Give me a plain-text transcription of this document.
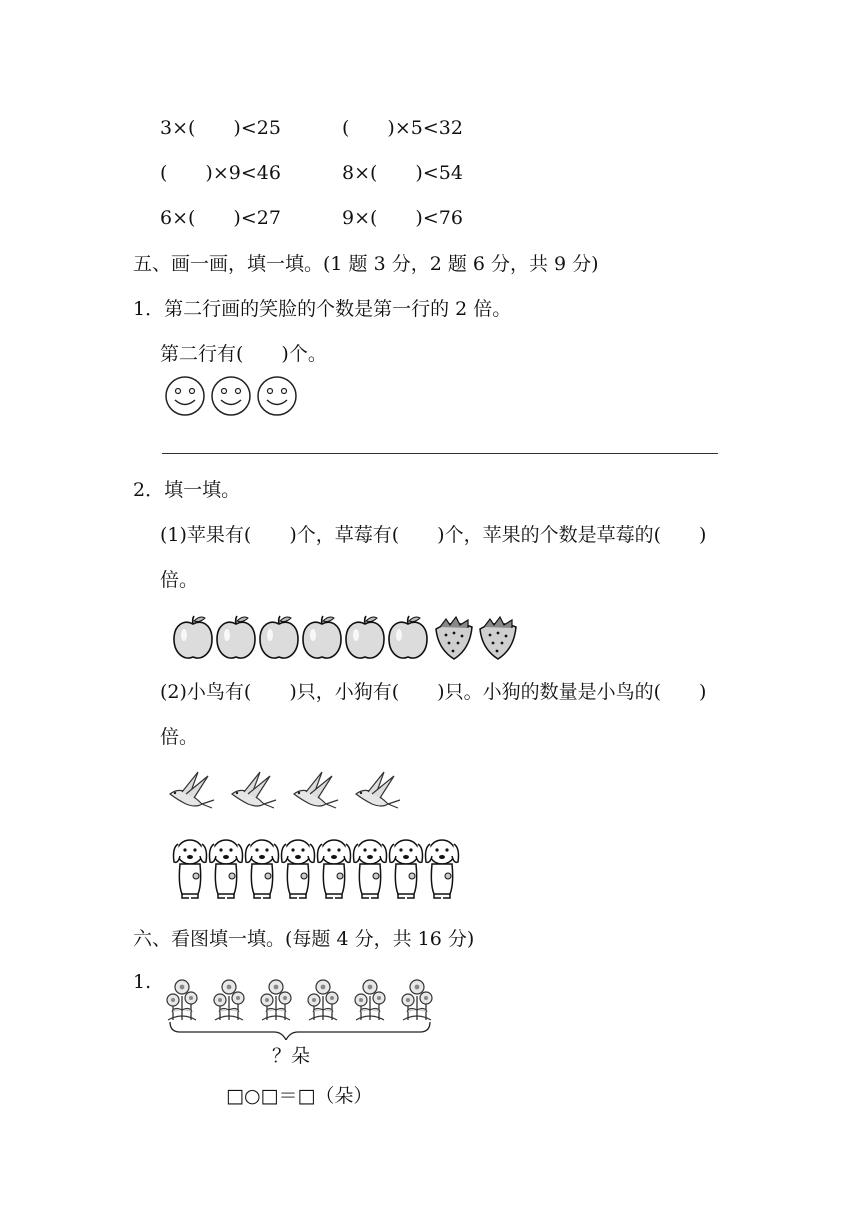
3×(　　)<25	(　　)×5<32
(　　)×9<46	8×(　　)<54
6×(　　)<27	9×(　　)<76
五、画一画，填一填。(1 题 3 分，2 题 6 分，共 9 分)
1．第二行画的笑脸的个数是第一行的 2 倍。
第二行有(　　)个。
2．填一填。
(1)苹果有(　　)个，草莓有(　　)个，苹果的个数是草莓的(　　)
倍。
(2)小鸟有(　　)只，小狗有(　　)只。小狗的数量是小鸟的(　　)
倍。
六、看图填一填。(每题 4 分，共 16 分)
1.
？朵
□○□＝□（朵）
